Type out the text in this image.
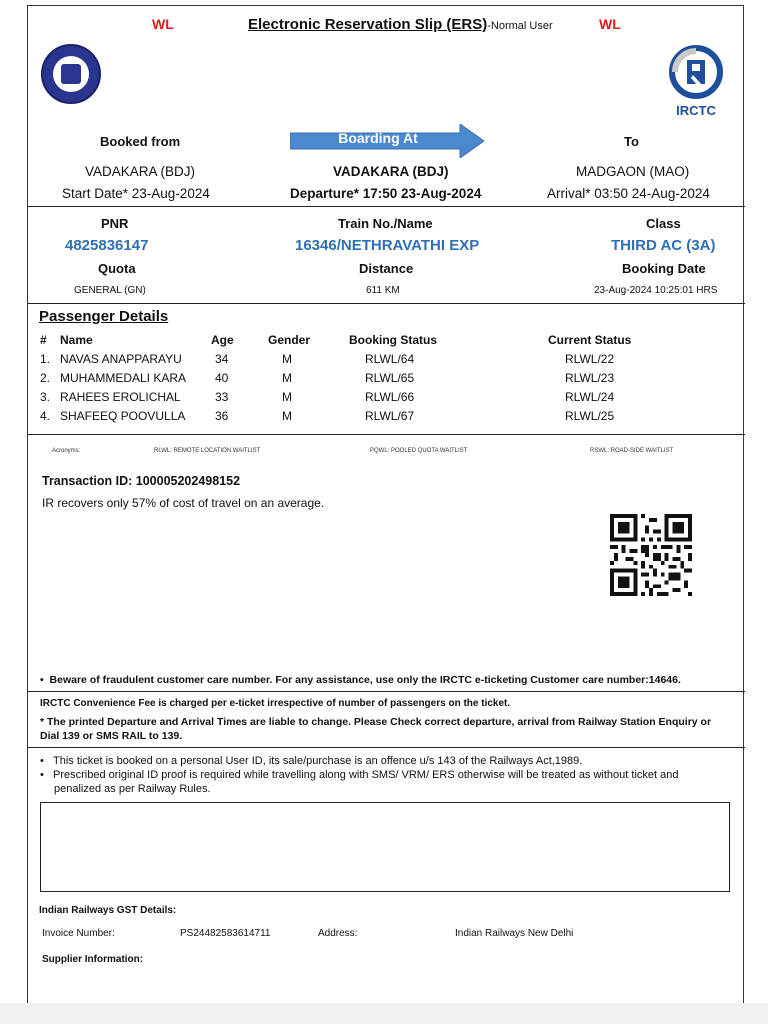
WL	Electronic Reservation Slip (ERS)-Normal User	WL
IRCTC
Booked from	Boarding At	To
VADAKARA (BDJ)	VADAKARA (BDJ)	MADGAON (MAO)
Start Date* 23-Aug-2024	Departure* 17:50 23-Aug-2024	Arrival* 03:50 24-Aug-2024
PNR	Train No./Name	Class
4825836147	16346/NETHRAVATHI EXP	THIRD AC (3A)
Quota	Distance	Booking Date
GENERAL (GN)	611 KM	23-Aug-2024 10:25:01 HRS
Passenger Details
# Name	Age	Gender	Booking Status	Current Status
1. NAVAS ANAPPARAYU	34	M	RLWL/64	RLWL/22
2. MUHAMMEDALI KARA 40	M	RLWL/65	RLWL/23
3. RAHEES EROLICHAL	33	M	RLWL/66	RLWL/24
4. SHAFEEQ POOVULLA 36	M	RLWL/67	RLWL/25
Acronyms:	RLWL: REMOTE LOCATION WAITLIST	PQWL: POOLED QUOTA WAITLIST	RSWL: ROAD-SIDE WAITLIST
Transaction ID: 100005202498152
IR recovers only 57% of cost of travel on an average.
•  Beware of fraudulent customer care number. For any assistance, use only the IRCTC e-ticketing Customer care number:14646.
IRCTC Convenience Fee is charged per e-ticket irrespective of number of passengers on the ticket.
* The printed Departure and Arrival Times are liable to change. Please Check correct departure, arrival from Railway Station Enquiry or
Dial 139 or SMS RAIL to 139.
•   This ticket is booked on a personal User ID, its sale/purchase is an offence u/s 143 of the Railways Act,1989.
•   Prescribed original ID proof is required while travelling along with SMS/ VRM/ ERS otherwise will be treated as without ticket and
penalized as per Railway Rules.
Indian Railways GST Details:
Invoice Number:	PS24482583614711	Address:	Indian Railways New Delhi
Supplier Information:
